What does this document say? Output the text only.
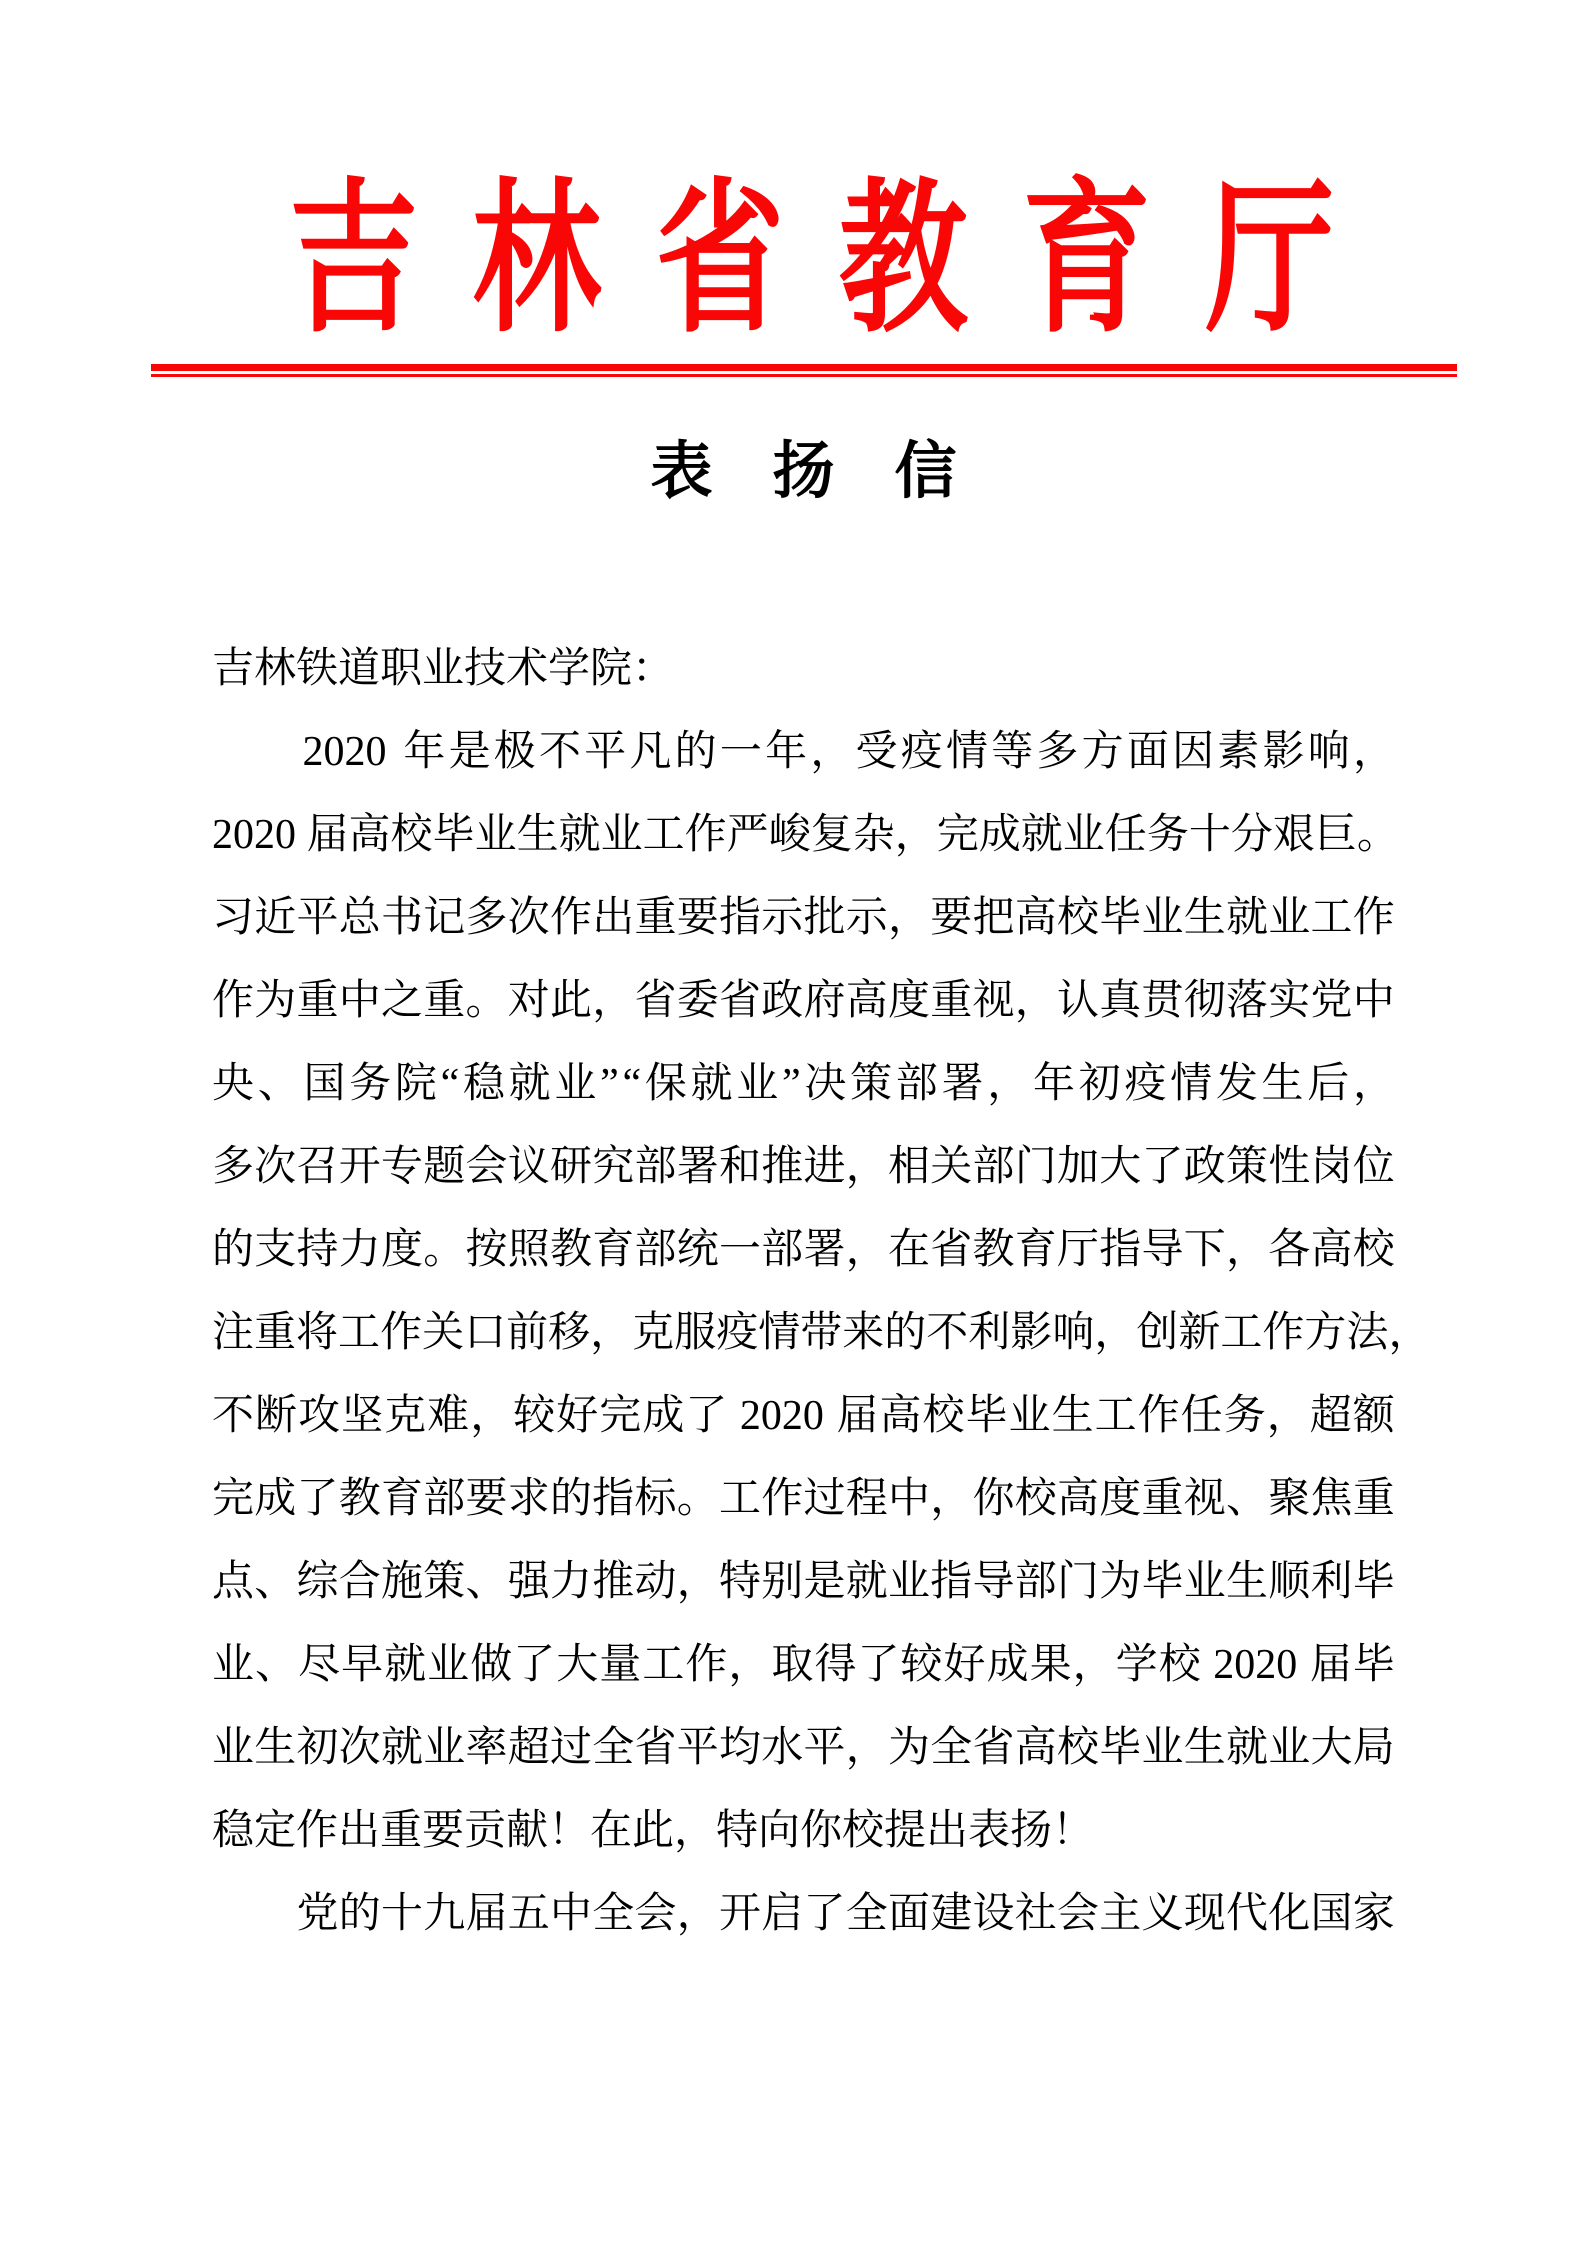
吉林省教育厅
表扬信
吉林铁道职业技术学院：

2020
年 是 极 不 平 凡 的 一 年 ， 受 疫 情 等 多 方 面 因 素 影 响 ，
2020
届 高 校 毕 业 生 就 业 工 作 严 峻 复 杂 ， 完 成 就 业 任 务 十 分 艰 巨 。
习 近 平 总 书 记 多 次 作 出 重 要 指 示 批 示 ， 要 把 高 校 毕 业 生 就 业 工 作
作 为 重 中 之 重 。 对 此 ， 省 委 省 政 府 高 度 重 视 ， 认 真 贯 彻 落 实 党 中
央 、 国 务 院 “ 稳 就 业 ” “ 保 就 业 ” 决 策 部 署 ， 年 初 疫 情 发 生 后 ，
多 次 召 开 专 题 会 议 研 究 部 署 和 推 进 ， 相 关 部 门 加 大 了 政 策 性 岗 位
的 支 持 力 度 。 按 照 教 育 部 统 一 部 署 ， 在 省 教 育 厅 指 导 下 ， 各 高 校
注 重 将 工 作 关 口 前 移 ， 克 服 疫 情 带 来 的 不 利 影 响 ， 创 新 工 作 方 法 ，
不 断 攻 坚 克 难 ， 较 好 完 成 了
2020
届 高 校 毕 业 生 工 作 任 务 ， 超 额
完 成 了 教 育 部 要 求 的 指 标 。 工 作 过 程 中 ， 你 校 高 度 重 视 、 聚 焦 重
点 、 综 合 施 策 、 强 力 推 动 ， 特 别 是 就 业 指 导 部 门 为 毕 业 生 顺 利 毕
业 、 尽 早 就 业 做 了 大 量 工 作 ， 取 得 了 较 好 成 果 ， 学 校
2020
届 毕
业 生 初 次 就 业 率 超 过 全 省 平 均 水 平 ， 为 全 省 高 校 毕 业 生 就 业 大 局
稳定作出重要贡献！在此，特向你校提出表扬！

党 的 十 九 届 五 中 全 会 ， 开 启 了 全 面 建 设 社 会 主 义 现 代 化 国 家
